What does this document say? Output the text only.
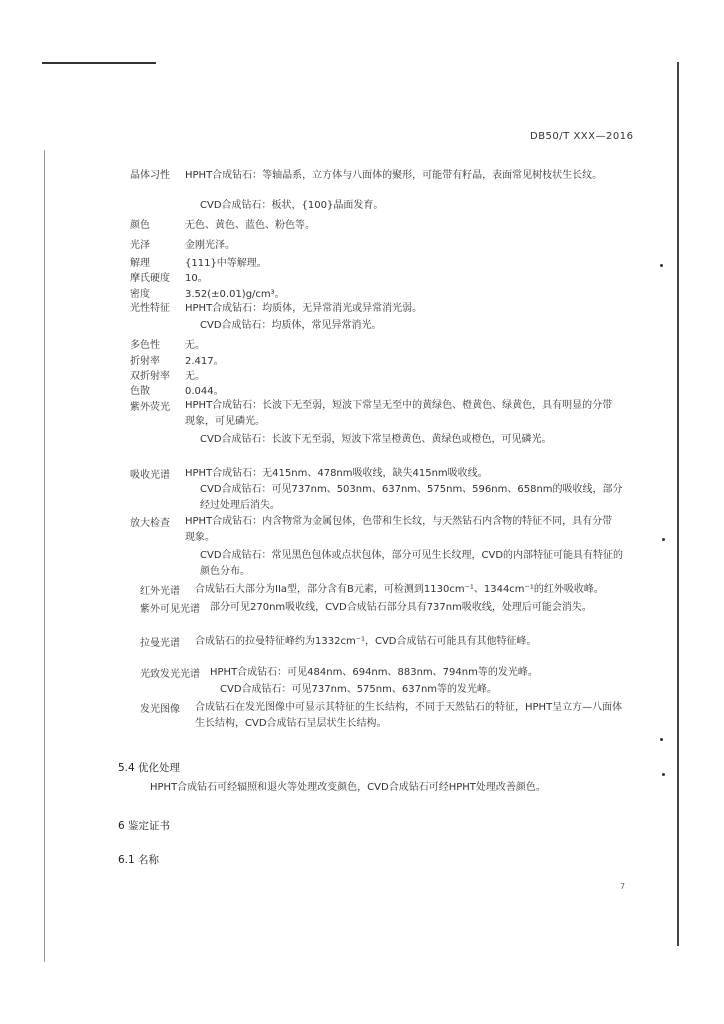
DB50/T XXX—2016
晶体习性 HPHT合成钻石：等轴晶系，立方体与八面体的聚形，可能带有籽晶，表面常见树枝状生长纹。
CVD合成钻石：板状，{100}晶面发育。
颜色	无色、黄色、蓝色、粉色等。
光泽	金刚光泽。
解理	{111}中等解理。
摩氏硬度 10。
密度	3.52(±0.01)g/cm³。
光性特征 HPHT合成钻石：均质体，无异常消光或异常消光弱。
CVD合成钻石：均质体，常见异常消光。
多色性	无。
折射率	2.417。
双折射率 无。
色散	0.044。
紫外荧光 HPHT合成钻石：长波下无至弱，短波下常呈无至中的黄绿色、橙黄色、绿黄色，具有明显的分带现象，可见磷光。
CVD合成钻石：长波下无至弱，短波下常呈橙黄色、黄绿色或橙色，可见磷光。
吸收光谱 HPHT合成钻石：无415nm、478nm吸收线，缺失415nm吸收线。
CVD合成钻石：可见737nm、503nm、637nm、575nm、596nm、658nm的吸收线，部分经过处理后消失。
放大检查 HPHT合成钻石：内含物常为金属包体，色带和生长纹，与天然钻石内含物的特征不同，具有分带现象。
CVD合成钻石：常见黑色包体或点状包体，部分可见生长纹理，CVD的内部特征可能具有特征的颜色分布。
红外光谱 合成钻石大部分为IIa型，部分含有B元素，可检测到1130cm⁻¹、1344cm⁻¹的红外吸收峰。
紫外可见光谱 部分可见270nm吸收线，CVD合成钻石部分具有737nm吸收线，处理后可能会消失。
拉曼光谱 合成钻石的拉曼特征峰约为1332cm⁻¹，CVD合成钻石可能具有其他特征峰。
光致发光光谱 HPHT合成钻石：可见484nm、694nm、883nm、794nm等的发光峰。
CVD合成钻石：可见737nm、575nm、637nm等的发光峰。
发光图像 合成钻石在发光图像中可显示其特征的生长结构，不同于天然钻石的特征，HPHT呈立方—八面体生长结构，CVD合成钻石呈层状生长结构。
5.4 优化处理
HPHT合成钻石可经辐照和退火等处理改变颜色，CVD合成钻石可经HPHT处理改善颜色。
6 鉴定证书
6.1 名称
7
